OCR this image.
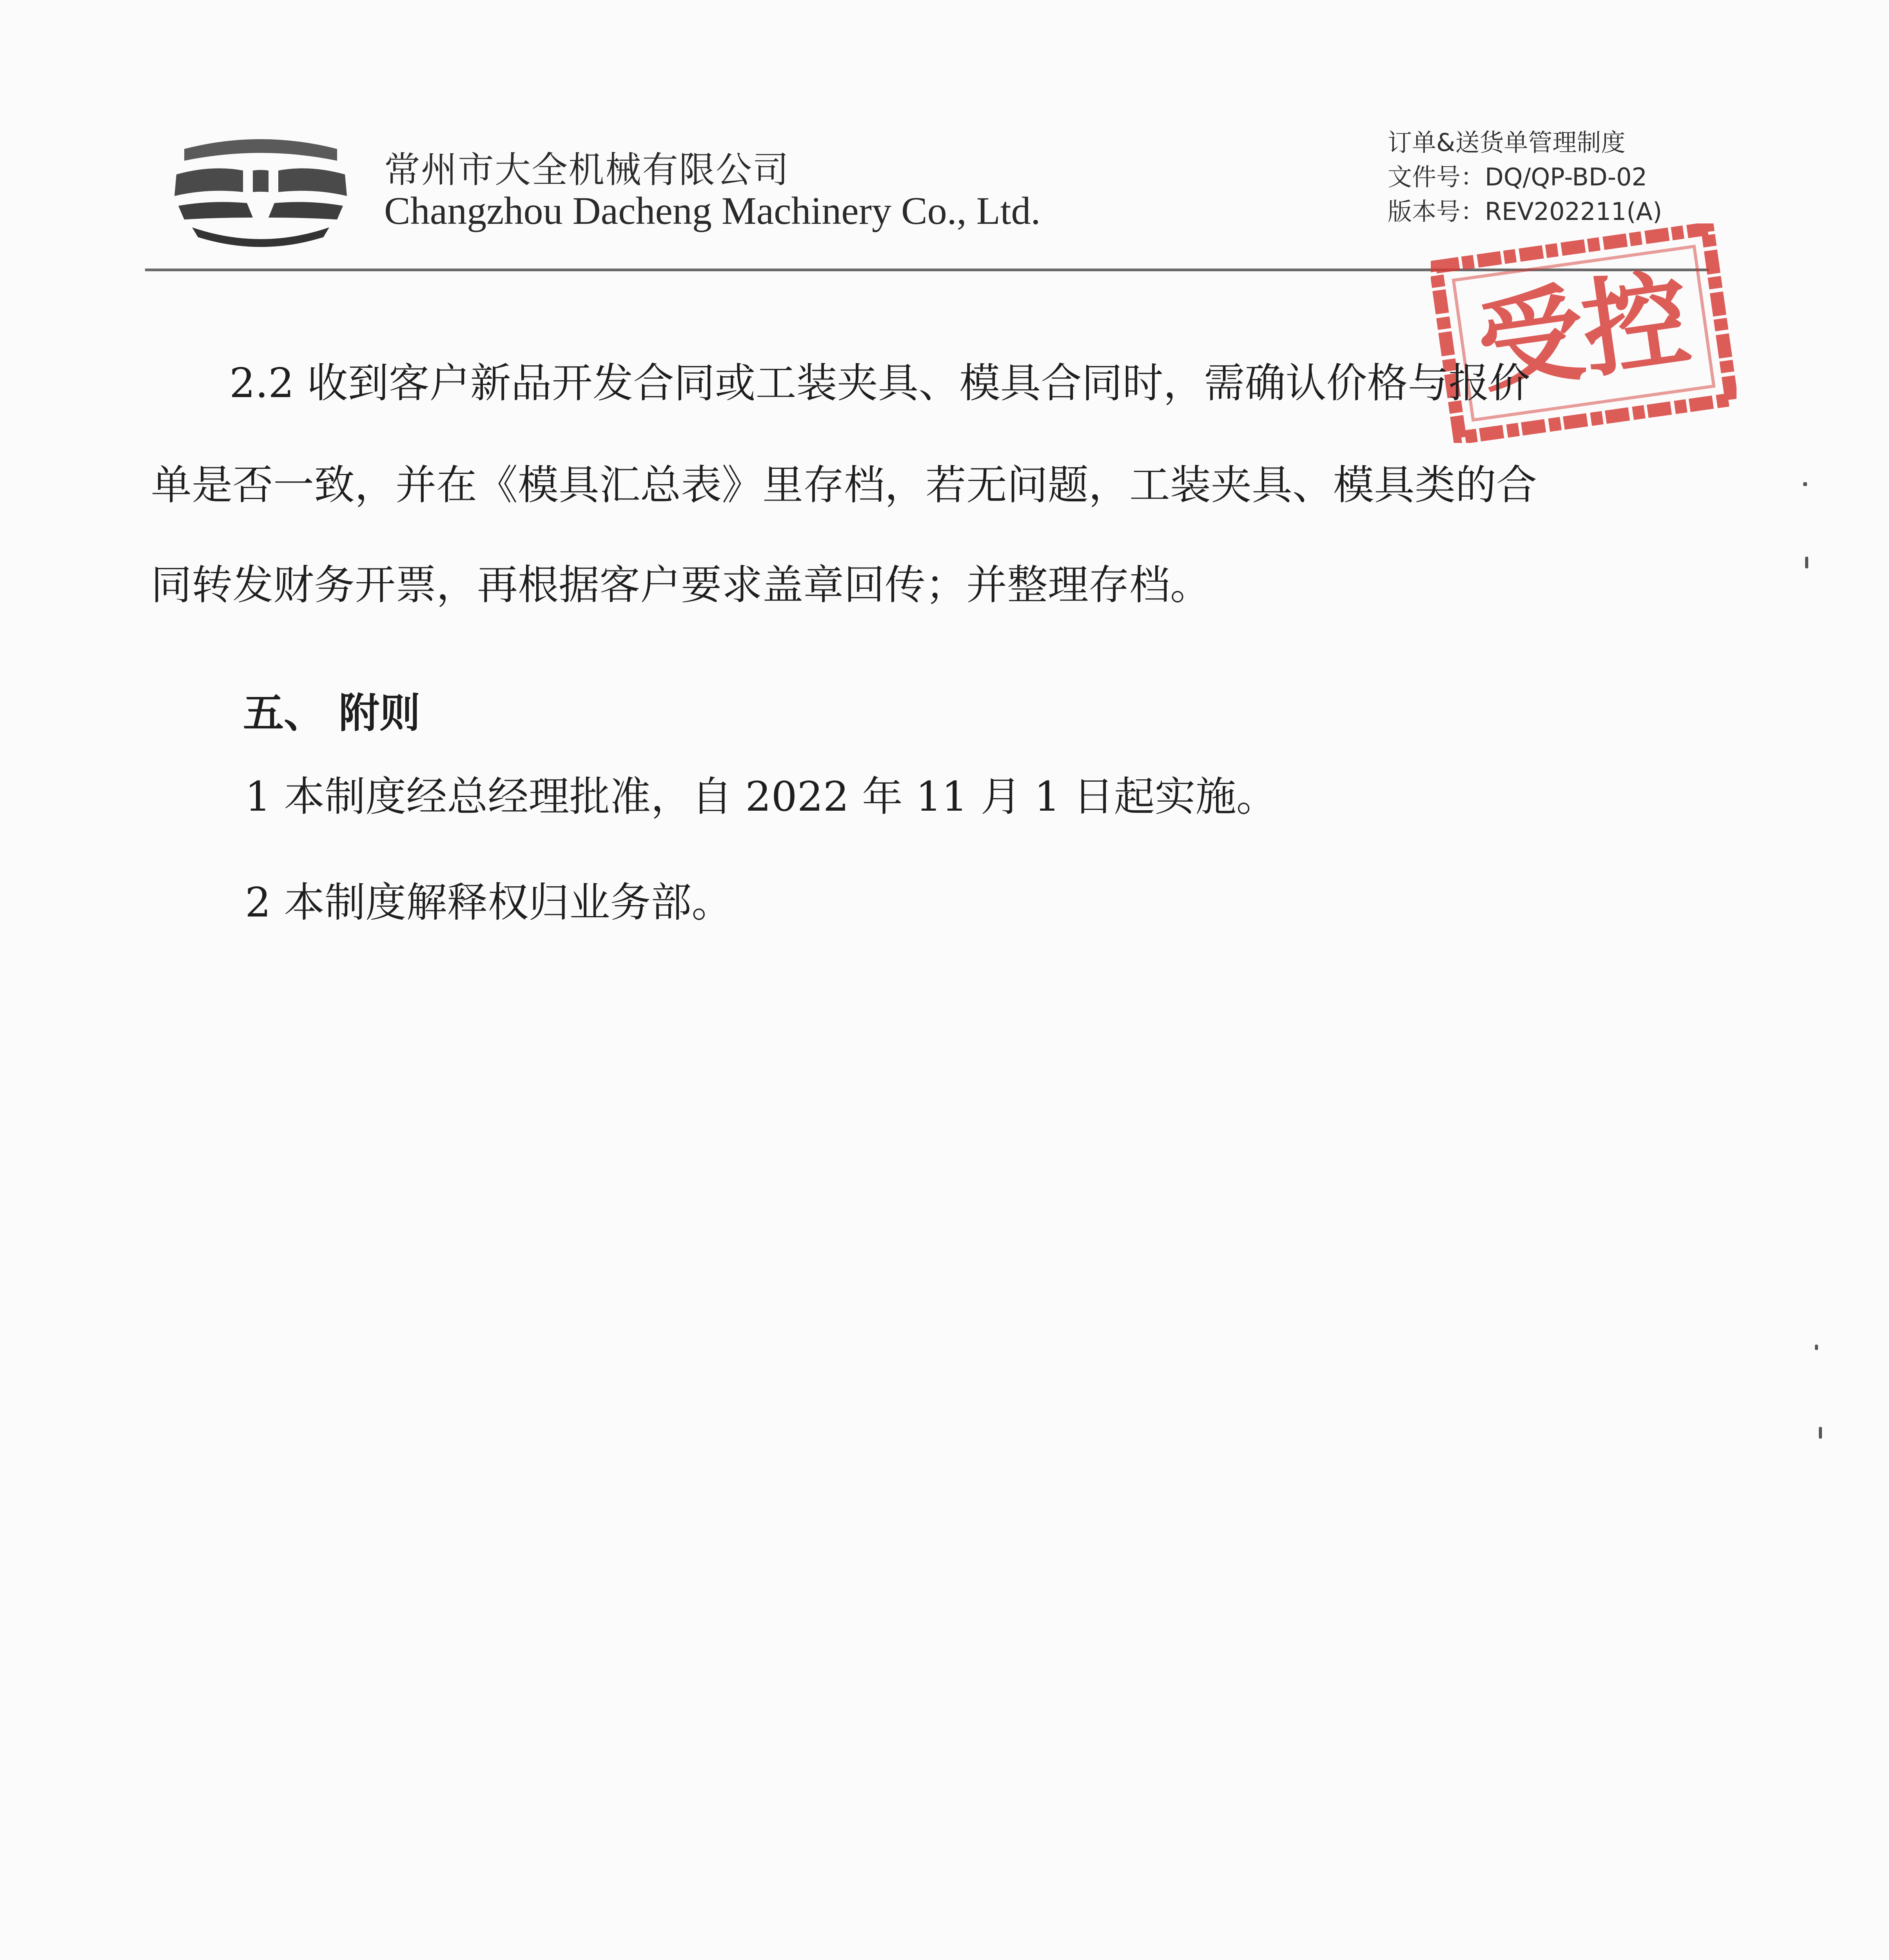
常州市大全机械有限公司
Changzhou Dacheng Machinery Co., Ltd.
订单&送货单管理制度
文件号：DQ/QP-BD-02
版本号：REV202211(A)
受控
2.2 收到客户新品开发合同或工装夹具、模具合同时，需确认价格与报价
单是否一致，并在《模具汇总表》里存档，若无问题，工装夹具、模具类的合
同转发财务开票，再根据客户要求盖章回传；并整理存档。
五、 附则
1 本制度经总经理批准，自 2022 年 11 月 1 日起实施。
2 本制度解释权归业务部。
